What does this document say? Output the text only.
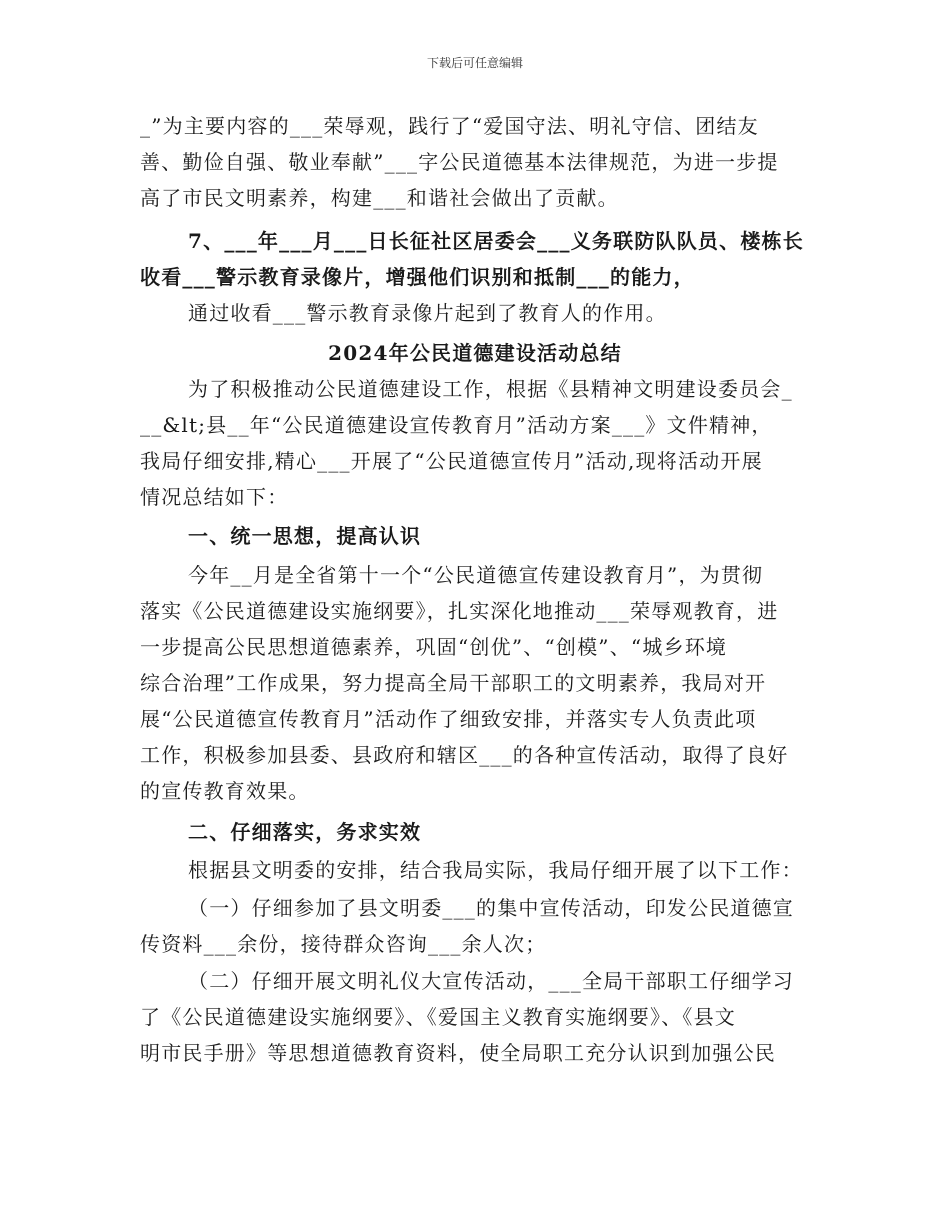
下载后可任意编辑
_”为主要内容的___荣辱观，践行了“爱国守法、明礼守信、团结友
善、勤俭自强、敬业奉献”___字公民道德基本法律规范，为进一步提
高了市民文明素养，构建___和谐社会做出了贡献。
7、___年___月___日长征社区居委会___义务联防队队员、楼栋长
收看___警示教育录像片，增强他们识别和抵制___的能力，
通过收看___警示教育录像片起到了教育人的作用。
2024年公民道德建设活动总结
为了积极推动公民道德建设工作，根据《县精神文明建设委员会_
__&lt;县__年“公民道德建设宣传教育月”活动方案___》文件精神，
我局仔细安排,精心___开展了“公民道德宣传月”活动,现将活动开展
情况总结如下：
一、统一思想，提高认识
今年__月是全省第十一个“公民道德宣传建设教育月”，为贯彻
落实《公民道德建设实施纲要》，扎实深化地推动___荣辱观教育，进
一步提高公民思想道德素养，巩固“创优”、“创模”、“城乡环境
综合治理”工作成果，努力提高全局干部职工的文明素养，我局对开
展“公民道德宣传教育月”活动作了细致安排，并落实专人负责此项
工作，积极参加县委、县政府和辖区___的各种宣传活动，取得了良好
的宣传教育效果。
二、仔细落实，务求实效
根据县文明委的安排，结合我局实际，我局仔细开展了以下工作：
（一）仔细参加了县文明委___的集中宣传活动，印发公民道德宣
传资料___余份，接待群众咨询___余人次；
（二）仔细开展文明礼仪大宣传活动，___全局干部职工仔细学习
了《公民道德建设实施纲要》、《爱国主义教育实施纲要》、《县文
明市民手册》等思想道德教育资料，使全局职工充分认识到加强公民
